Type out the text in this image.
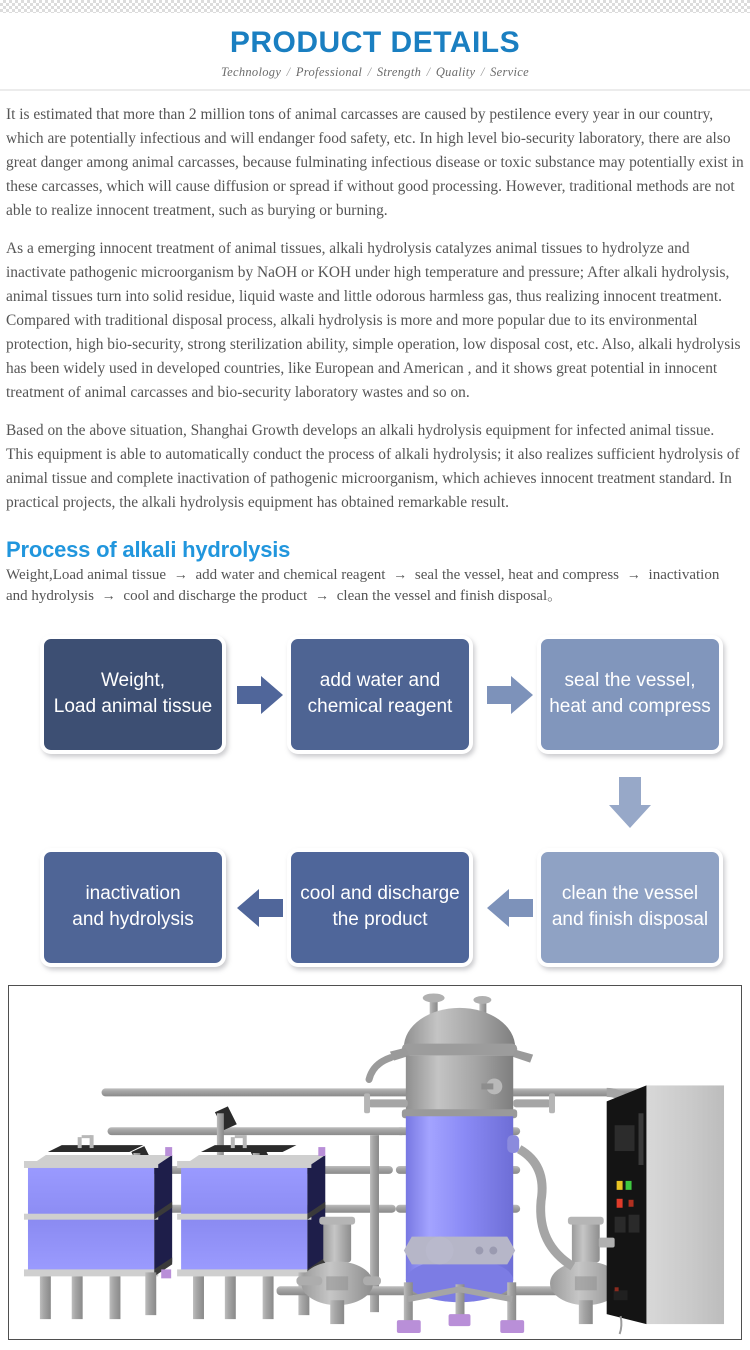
PRODUCT DETAILS
Technology / Professional / Strength / Quality / Service

It is estimated that more than 2 million tons of animal carcasses are caused by pestilence every year in our country, which are potentially infectious and will endanger food safety, etc. In high level bio-security laboratory, there are also great danger among animal carcasses, because fulminating infectious disease or toxic substance may potentially exist in these carcasses, which will cause diffusion or spread if without good processing. However, traditional methods are not able to realize innocent treatment, such as burying or burning.

As a emerging innocent treatment of animal tissues, alkali hydrolysis catalyzes animal tissues to hydrolyze and inactivate pathogenic microorganism by NaOH or KOH under high temperature and pressure; After alkali hydrolysis, animal tissues turn into solid residue, liquid waste and little odorous harmless gas, thus realizing innocent treatment. Compared with traditional disposal process, alkali hydrolysis is more and more popular due to its environmental protection, high bio-security, strong sterilization ability, simple operation, low disposal cost, etc. Also, alkali hydrolysis has been widely used in developed countries, like European and American , and it shows great potential in innocent treatment of animal carcasses and bio-security laboratory wastes and so on.

Based on the above situation, Shanghai Growth develops an alkali hydrolysis equipment for infected animal tissue. This equipment is able to automatically conduct the process of alkali hydrolysis; it also realizes sufficient hydrolysis of animal tissue and complete inactivation of pathogenic microorganism, which achieves innocent treatment standard. In practical projects, the alkali hydrolysis equipment has obtained remarkable result.

Process of alkali hydrolysis
Weight,Load animal tissue → add water and chemical reagent → seal the vessel, heat and compress → inactivation and hydrolysis → cool and discharge the product → clean the vessel and finish disposal。
Weight,
Load animal tissue
add water and
chemical reagent
seal the vessel,
heat and compress
inactivation
and hydrolysis
cool and discharge
the product
clean the vessel
and finish disposal
